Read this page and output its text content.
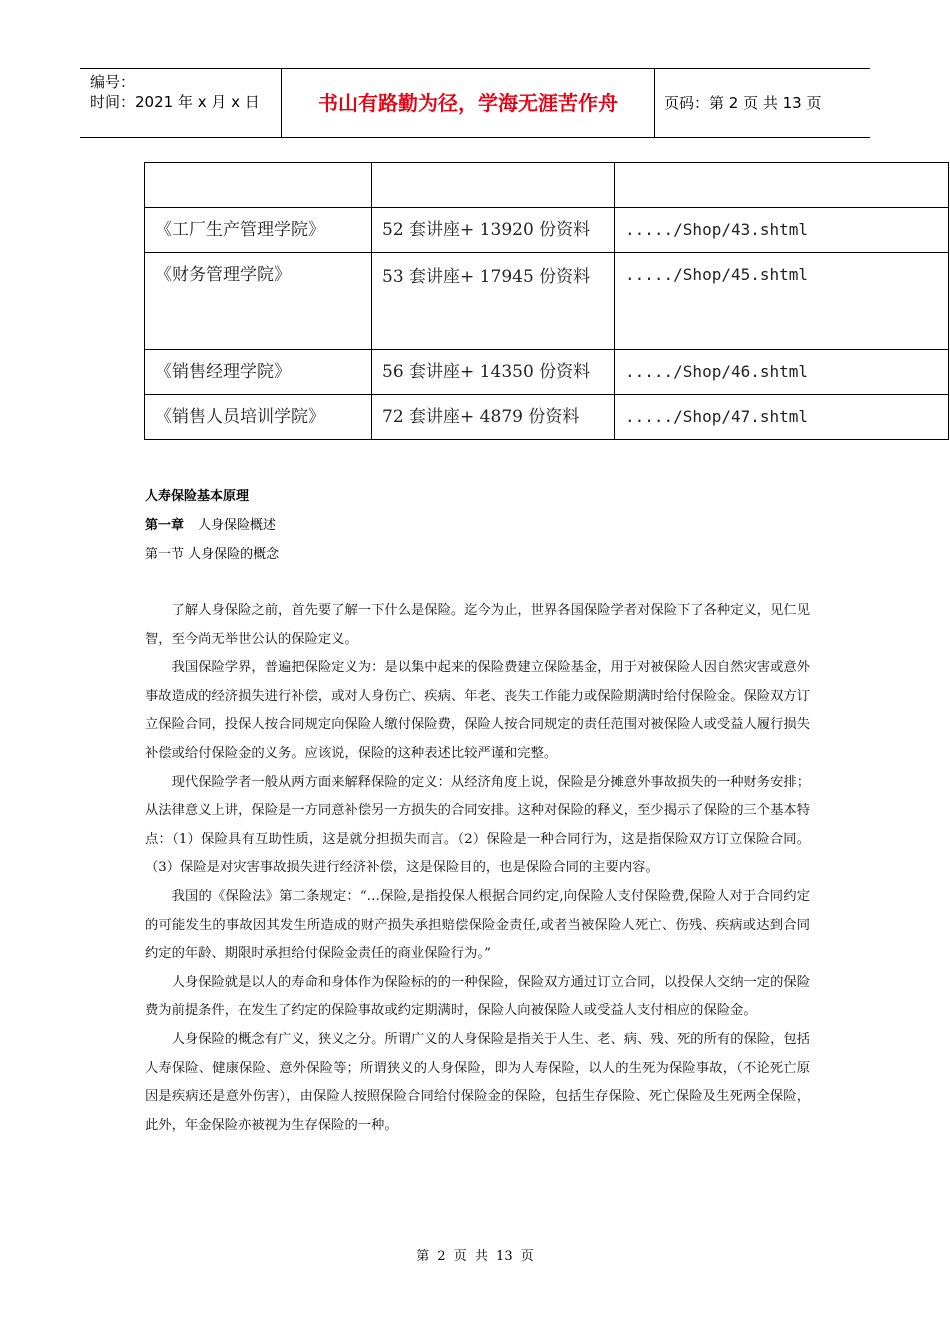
编号：
时间：2021 年 x 月 x 日	书山有路勤为径，学海无涯苦作舟	页码：第 2 页 共 13 页

《工厂生产管理学院》	52 套讲座+ 13920 份资料	...../Shop/43.shtml
《财务管理学院》	53 套讲座+ 17945 份资料	...../Shop/45.shtml
《销售经理学院》	56 套讲座+ 14350 份资料	...../Shop/46.shtml
《销售人员培训学院》	72 套讲座+ 4879 份资料	...../Shop/47.shtml
人寿保险基本原理
第一章 人身保险概述
第一节 人身保险的概念

了解人身保险之前，首先要了解一下什么是保险。迄今为止，世界各国保险学者对保险下了各种定义，见仁见智，至今尚无举世公认的保险定义。

我国保险学界，普遍把保险定义为：是以集中起来的保险费建立保险基金，用于对被保险人因自然灾害或意外事故造成的经济损失进行补偿，或对人身伤亡、疾病、年老、丧失工作能力或保险期满时给付保险金。保险双方订立保险合同，投保人按合同规定向保险人缴付保险费，保险人按合同规定的责任范围对被保险人或受益人履行损失补偿或给付保险金的义务。应该说，保险的这种表述比较严谨和完整。

现代保险学者一般从两方面来解释保险的定义：从经济角度上说，保险是分摊意外事故损失的一种财务安排；从法律意义上讲，保险是一方同意补偿另一方损失的合同安排。这种对保险的释义，至少揭示了保险的三个基本特点：（1）保险具有互助性质，这是就分担损失而言。（2）保险是一种合同行为，这是指保险双方订立保险合同。（3）保险是对灾害事故损失进行经济补偿，这是保险目的，也是保险合同的主要内容。

我国的《保险法》第二条规定：“…保险,是指投保人根据合同约定,向保险人支付保险费,保险人对于合同约定的可能发生的事故因其发生所造成的财产损失承担赔偿保险金责任,或者当被保险人死亡、伤残、疾病或达到合同约定的年龄、期限时承担给付保险金责任的商业保险行为。”

人身保险就是以人的寿命和身体作为保险标的的一种保险，保险双方通过订立合同，以投保人交纳一定的保险费为前提条件，在发生了约定的保险事故或约定期满时，保险人向被保险人或受益人支付相应的保险金。

人身保险的概念有广义，狭义之分。所谓广义的人身保险是指关于人生、老、病、残、死的所有的保险，包括人寿保险、健康保险、意外保险等；所谓狭义的人身保险，即为人寿保险，以人的生死为保险事故，（不论死亡原因是疾病还是意外伤害），由保险人按照保险合同给付保险金的保险，包括生存保险、死亡保险及生死两全保险，此外，年金保险亦被视为生存保险的一种。

第 2 页 共 13 页
